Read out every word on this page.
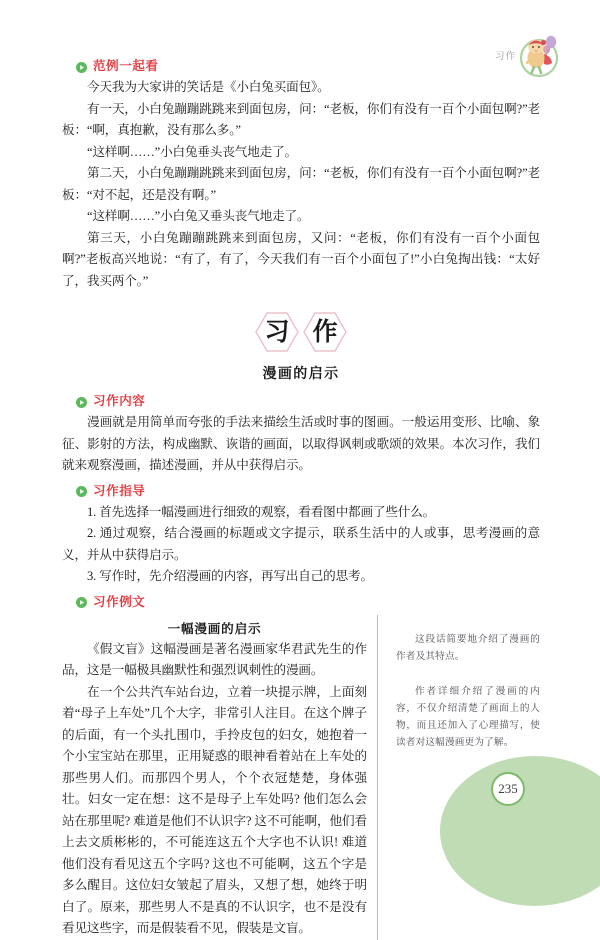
习作
范例一起看

今天我为大家讲的笑话是《小白兔买面包》。

有一天，小白兔蹦蹦跳跳来到面包房，问：“老板，你们有没有一百个小面包啊?”老板：“啊，真抱歉，没有那么多。”

“这样啊……”小白兔垂头丧气地走了。

第二天，小白兔蹦蹦跳跳来到面包房，问：“老板，你们有没有一百个小面包啊?”老板：“对不起，还是没有啊。”

“这样啊……”小白兔又垂头丧气地走了。

第三天，小白兔蹦蹦跳跳来到面包房，又问：“老板，你们有没有一百个小面包啊?”老板高兴地说：“有了，有了，今天我们有一百个小面包了!”小白兔掏出钱：“太好了，我买两个。”

习 作
漫画的启示
习作内容

漫画就是用简单而夸张的手法来描绘生活或时事的图画。一般运用变形、比喻、象征、影射的方法，构成幽默、诙谐的画面，以取得讽刺或歌颂的效果。本次习作，我们就来观察漫画，描述漫画，并从中获得启示。

习作指导

1. 首先选择一幅漫画进行细致的观察，看看图中都画了些什么。

2. 通过观察，结合漫画的标题或文字提示，联系生活中的人或事，思考漫画的意义，并从中获得启示。

3. 写作时，先介绍漫画的内容，再写出自己的思考。

习作例文
一幅漫画的启示

《假文盲》这幅漫画是著名漫画家华君武先生的作品，这是一幅极具幽默性和强烈讽刺性的漫画。

在一个公共汽车站台边，立着一块提示牌，上面刻着“母子上车处”几个大字，非常引人注目。在这个牌子的后面，有一个头扎围巾，手拎皮包的妇女，她抱着一个小宝宝站在那里，正用疑惑的眼神看着站在上车处的那些男人们。而那四个男人，个个衣冠楚楚，身体强壮。妇女一定在想：这不是母子上车处吗? 他们怎么会站在那里呢? 难道是他们不认识字? 这不可能啊，他们看上去文质彬彬的，不可能连这五个大字也不认识! 难道他们没有看见这五个字吗? 这也不可能啊，这五个字是多么醒目。这位妇女皱起了眉头，又想了想，她终于明白了。原来，那些男人不是真的不认识字，也不是没有看见这些字，而是假装看不见，假装是文盲。

这段话简要地介绍了漫画的作者及其特点。
作者详细介绍了漫画的内容，不仅介绍清楚了画面上的人物，而且还加入了心理描写，使读者对这幅漫画更为了解。
235
